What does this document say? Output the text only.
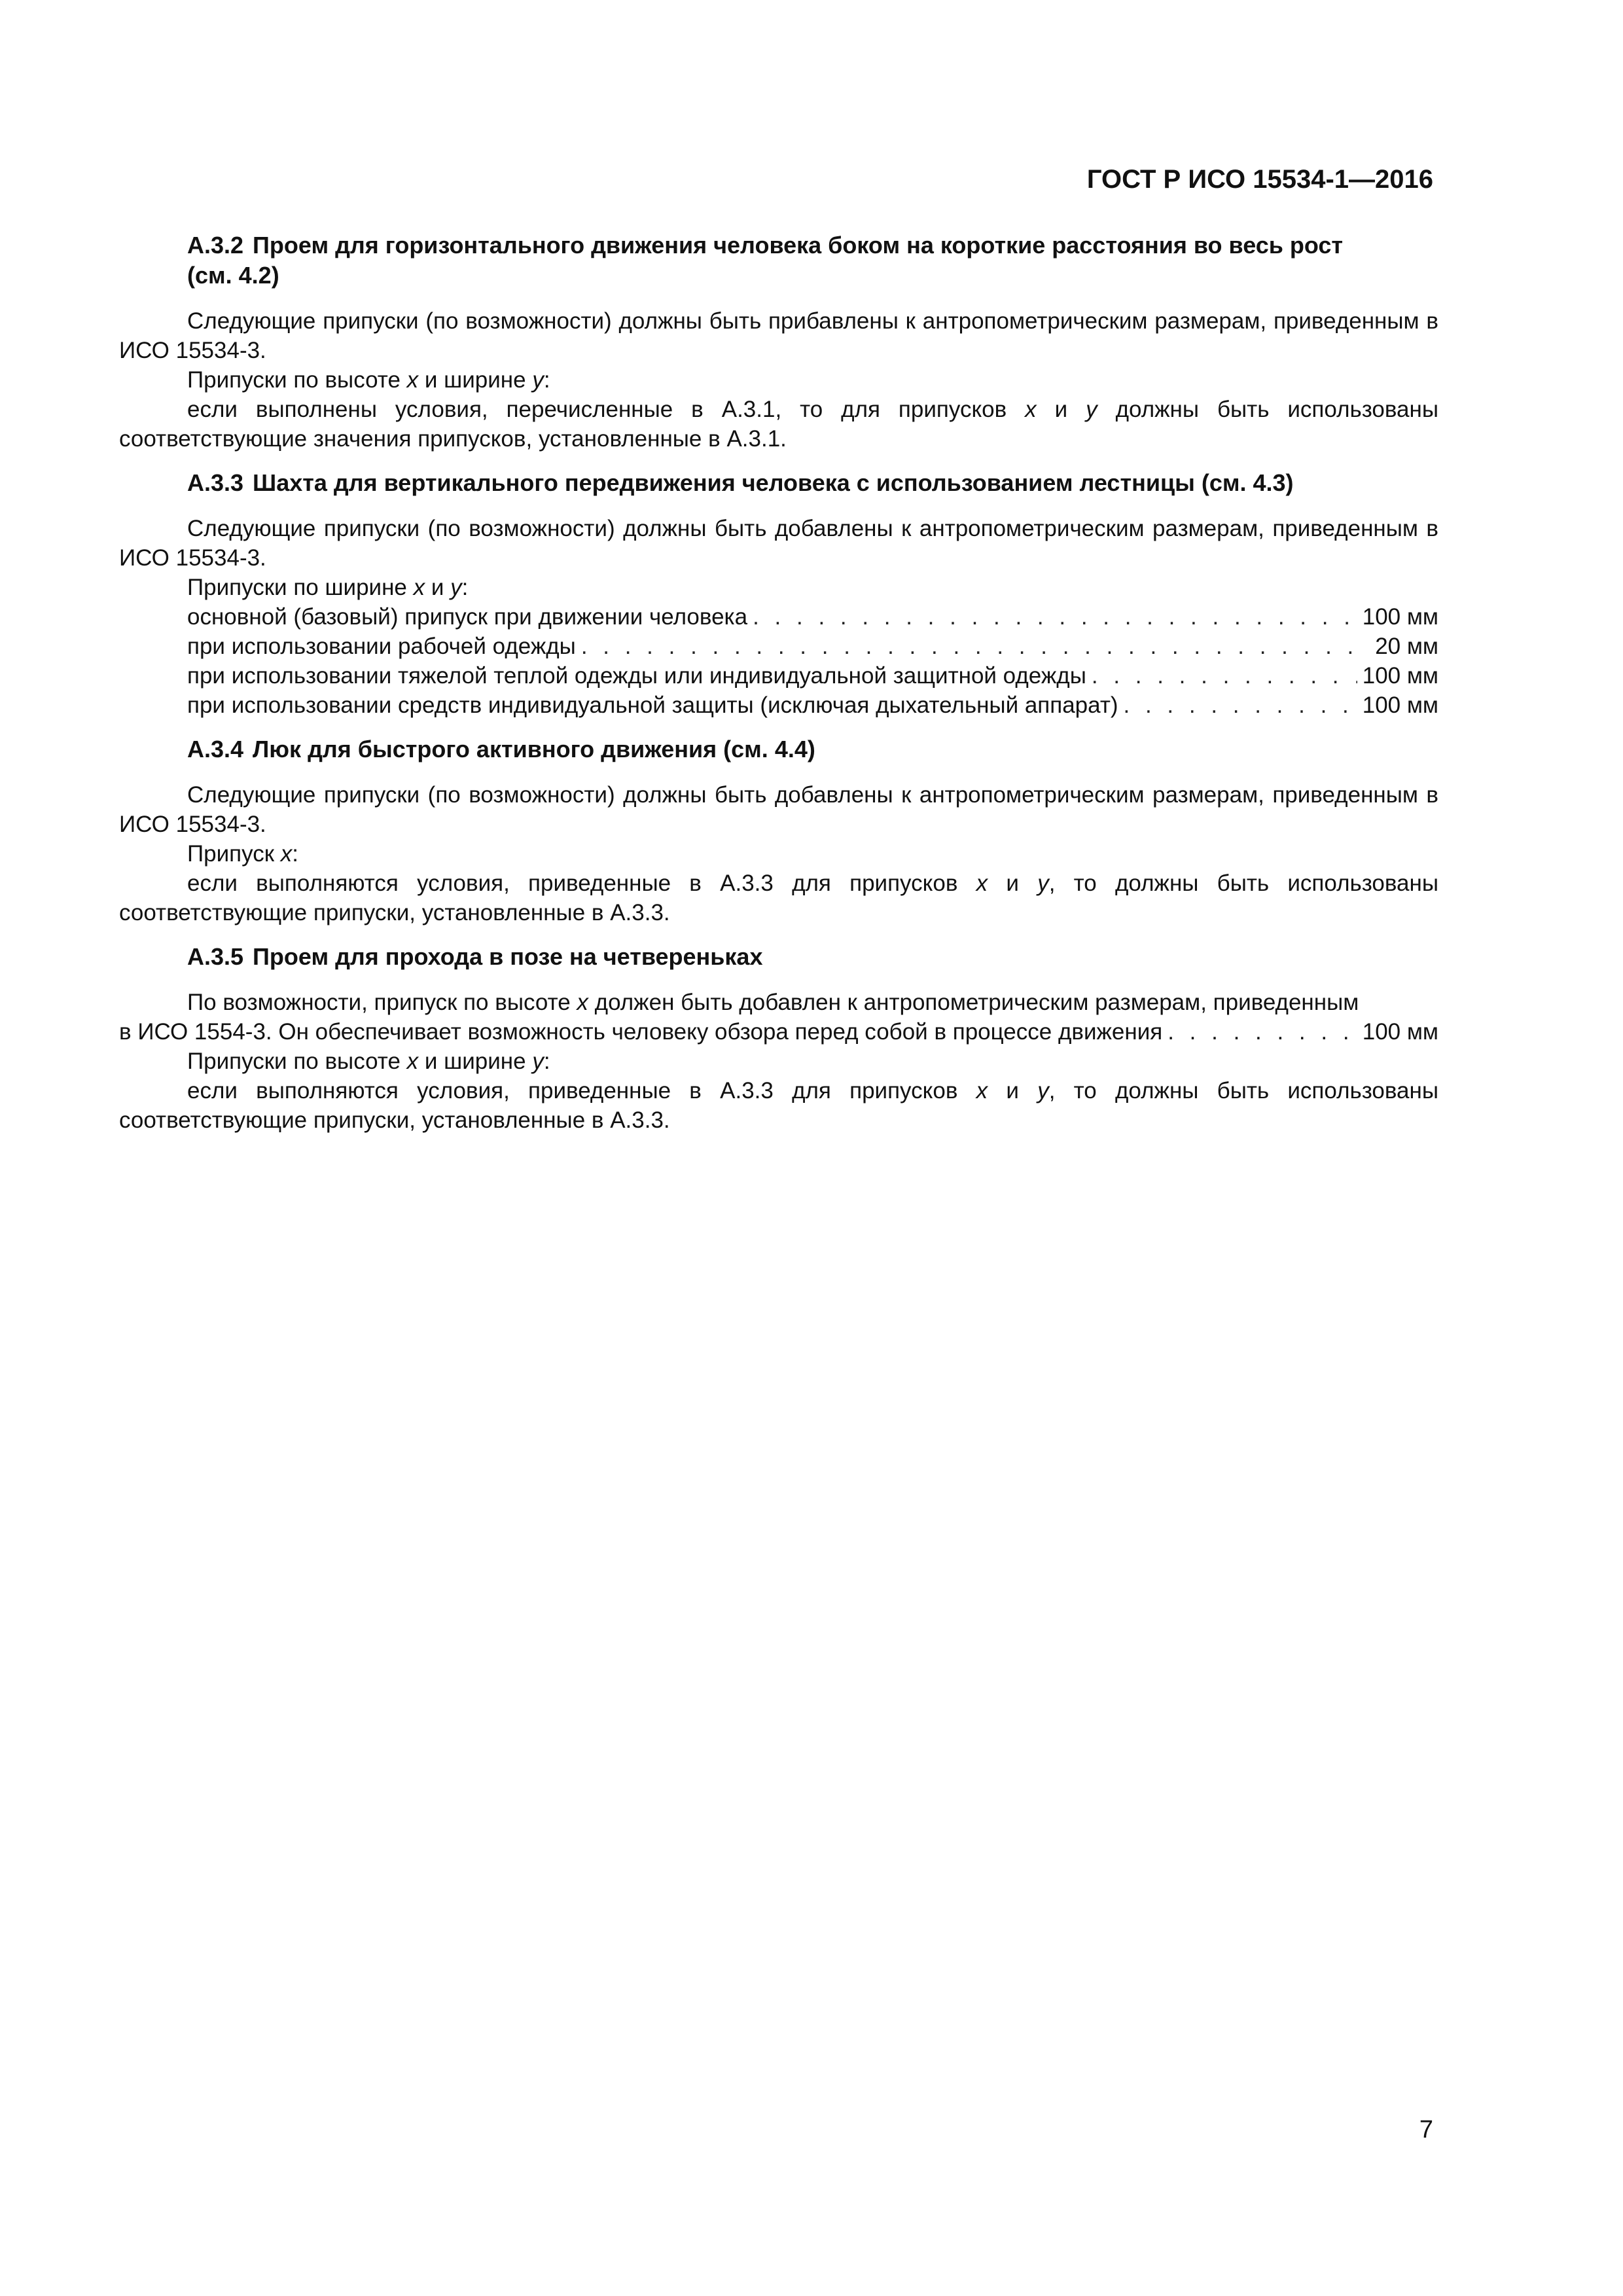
ГОСТ Р ИСО 15534-1—2016
А.3.2 Проем для горизонтального движения человека боком на короткие расстояния во весь рост
(см. 4.2)

Следующие припуски (по возможности) должны быть прибавлены к антропометрическим размерам, приведенным в ИСО 15534-3.

Припуски по высоте x и ширине y:

если выполнены условия, перечисленные в А.3.1, то для припусков x и y должны быть использованы соответствующие значения припусков, установленные в А.3.1.

А.3.3 Шахта для вертикального передвижения человека с использованием лестницы (см. 4.3)

Следующие припуски (по возможности) должны быть добавлены к антропометрическим размерам, приведенным в ИСО 15534-3.

Припуски по ширине x и y:

основной (базовый) припуск при движении человека . . .	100 мм
при использовании рабочей одежды . . .	20 мм
при использовании тяжелой теплой одежды или индивидуальной защитной одежды . . .	100 мм
при использовании средств индивидуальной защиты (исключая дыхательный аппарат) . . .	100 мм
А.3.4 Люк для быстрого активного движения (см. 4.4)

Следующие припуски (по возможности) должны быть добавлены к антропометрическим размерам, приведенным в ИСО 15534-3.

Припуск x:

если выполняются условия, приведенные в А.3.3 для припусков x и y, то должны быть использованы соответствующие припуски, установленные в А.3.3.

А.3.5 Проем для прохода в позе на четвереньках

По возможности, припуск по высоте x должен быть добавлен к антропометрическим размерам, приведенным

в ИСО 1554-3. Он обеспечивает возможность человеку обзора перед собой в процессе движения . . .	100 мм

Припуски по высоте x и ширине y:

если выполняются условия, приведенные в А.3.3 для припусков x и y, то должны быть использованы соответствующие припуски, установленные в А.3.3.

7
